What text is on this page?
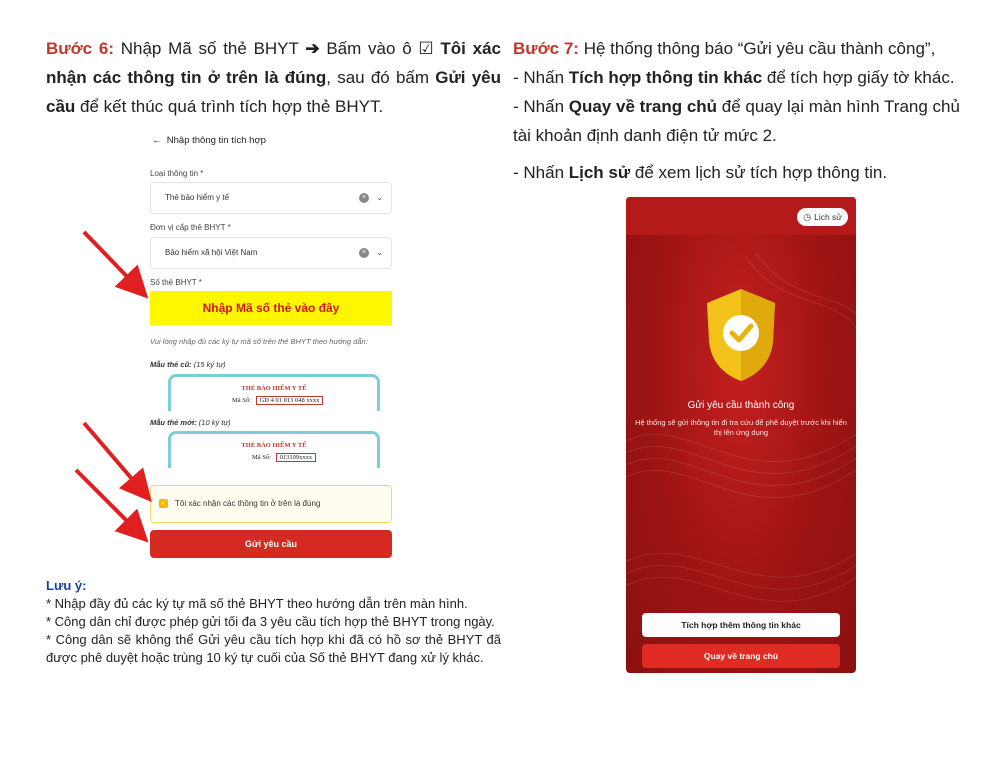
Bước 6: Nhập Mã số thẻ BHYT ➔ Bấm vào ô ☑ Tôi xác nhận các thông tin ở trên là đúng, sau đó bấm Gửi yêu cầu để kết thúc quá trình tích hợp thẻ BHYT.

Bước 7: Hệ thống thông báo “Gửi yêu cầu thành công”,

- Nhấn Tích hợp thông tin khác để tích hợp giấy tờ khác.

- Nhấn Quay về trang chủ để quay lại màn hình Trang chủ tài khoản định danh điện tử mức 2.

- Nhấn Lịch sử để xem lịch sử tích hợp thông tin.

← Nhập thông tin tích hợp
Loại thông tin *
Thẻ bảo hiểm y tế	×	⌄
Đơn vị cấp thẻ BHYT *
Bảo hiểm xã hội Việt Nam	×	⌄
Số thẻ BHYT *
Nhập Mã số thẻ vào đây
Vui lòng nhập đủ các ký tự mã số trên thẻ BHYT theo hướng dẫn:
Mẫu thẻ cũ: (15 ký tự)
THẺ BẢO HIỂM Y TẾ
Mã Số: GD 4 01 013 048 xxxx
Mẫu thẻ mới: (10 ký tự)
THẺ BẢO HIỂM Y TẾ
Mã Số: 013109xxxx
✓ Tôi xác nhận các thông tin ở trên là đúng
Gửi yêu cầu

Lưu ý:

* Nhập đầy đủ các ký tự mã số thẻ BHYT theo hướng dẫn trên màn hình.

* Công dân chỉ được phép gửi tối đa 3 yêu cầu tích hợp thẻ BHYT trong ngày.

* Công dân sẽ không thể Gửi yêu cầu tích hợp khi đã có hồ sơ thẻ BHYT đã được phê duyệt hoặc trùng 10 ký tự cuối của Số thẻ BHYT đang xử lý khác.

◷ Lịch sử
Gửi yêu cầu thành công
Hệ thống sẽ gửi thông tin đi tra cứu để phê duyệt trước khi hiển thị lên ứng dụng
Tích hợp thêm thông tin khác
Quay về trang chủ
